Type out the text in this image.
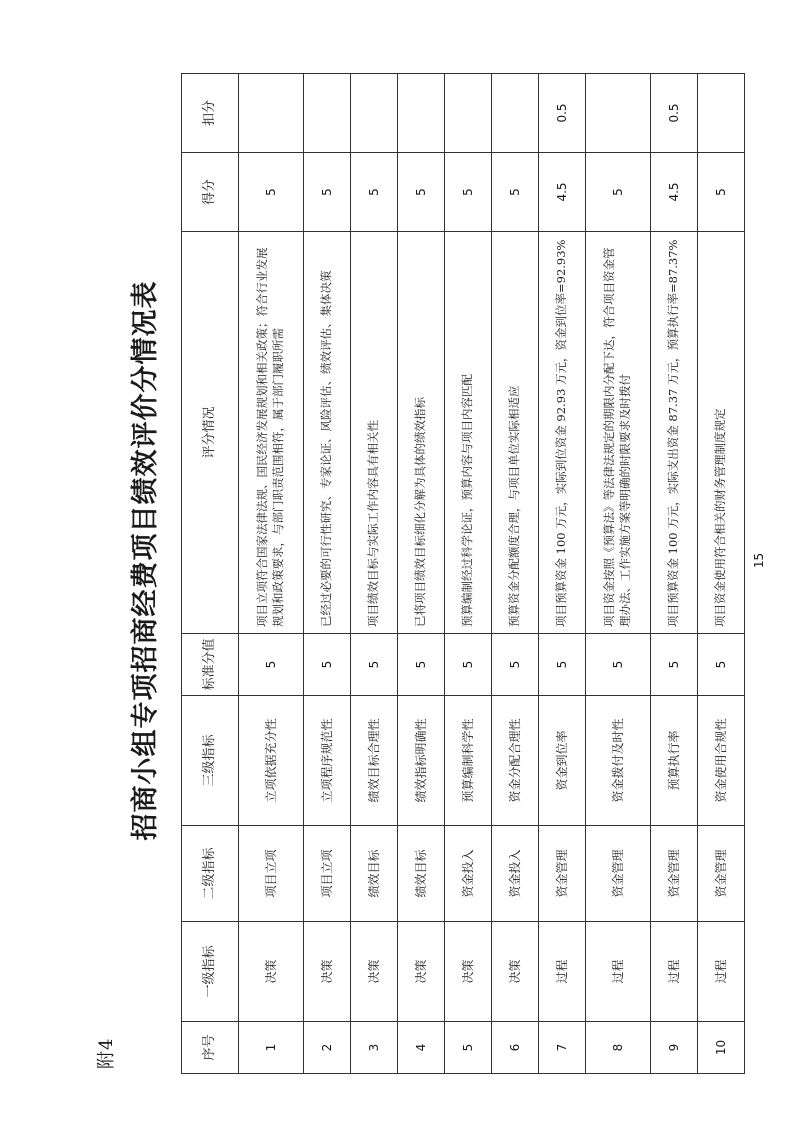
附4
招商小组专项招商经费项目绩效评价分情况表
序号	一级指标	二级指标	三级指标	标准分值	评分情况	得分	扣分
1	决策	项目立项	立项依据充分性	5	项目立项符合国家法律法规、国民经济发展规划和相关政策；符合行业发展规划和政策要求，与部门职责范围相符，属于部门履职所需	5	
2	决策	项目立项	立项程序规范性	5	已经过必要的可行性研究、专家论证、风险评估、绩效评估、集体决策	5	
3	决策	绩效目标	绩效目标合理性	5	项目绩效目标与实际工作内容具有相关性	5	
4	决策	绩效目标	绩效指标明确性	5	已将项目绩效目标细化分解为具体的绩效指标	5	
5	决策	资金投入	预算编制科学性	5	预算编制经过科学论证，预算内容与项目内容匹配	5	
6	决策	资金投入	资金分配合理性	5	预算资金分配额度合理，与项目单位实际相适应	5	
7	过程	资金管理	资金到位率	5	项目预算资金 100 万元，实际到位资金 92.93 万元，资金到位率=92.93%	4.5	0.5
8	过程	资金管理	资金拨付及时性	5	项目资金按照《预算法》等法律法规定的期限内分配下达，符合项目资金管理办法、工作实施方案等明确的时限要求及时拨付	5	
9	过程	资金管理	预算执行率	5	项目预算资金 100 万元，实际支出资金 87.37 万元，预算执行率=87.37%	4.5	0.5
10	过程	资金管理	资金使用合规性	5	项目资金使用符合相关的财务管理制度规定	5	
15
